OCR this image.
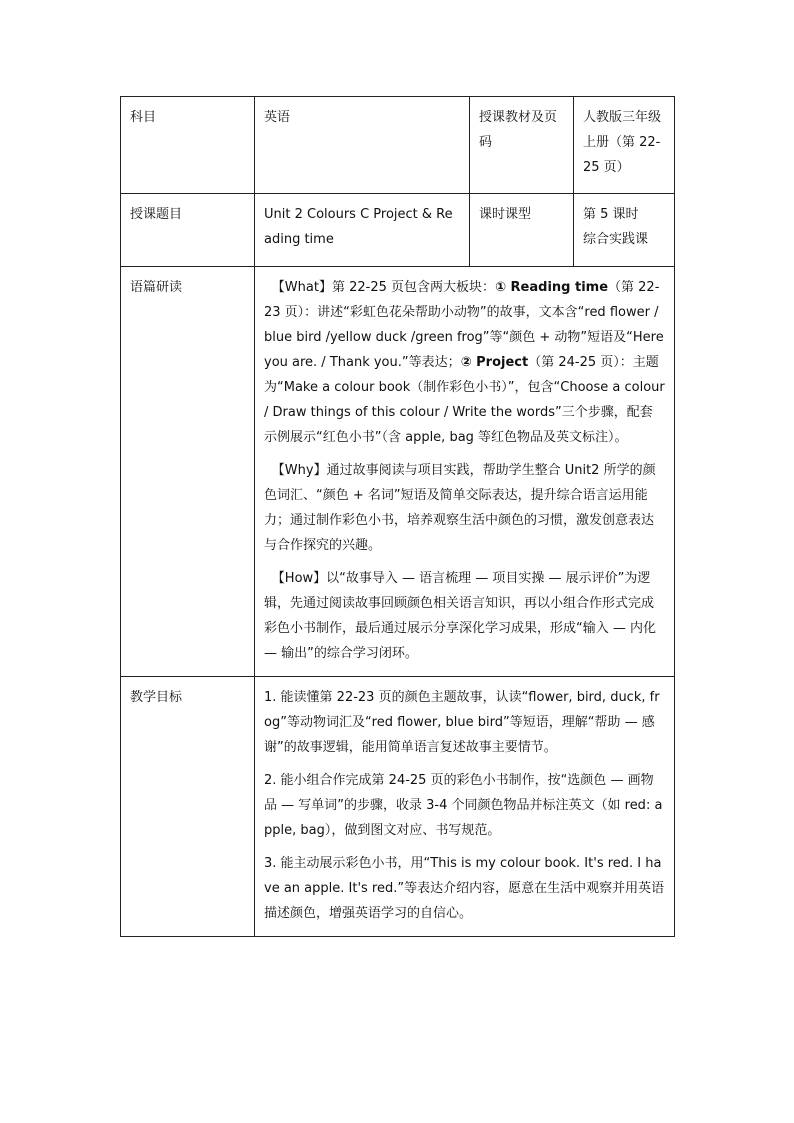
科目	英语	授课教材及页码	人教版三年级上册（第 22-25 页）
授课题目	Unit 2 Colours C Project & Reading time	课时课型	第 5 课时
综合实践课

语篇研读	【What】第 22-25 页包含两大板块：① Reading time（第 22-23 页）：讲述“彩虹色花朵帮助小动物”的故事，文本含“red flower /blue bird /yellow duck /green frog”等“颜色 + 动物”短语及“Here you are. / Thank you.”等表达；② Project（第 24-25 页）：主题为“Make a colour book（制作彩色小书）”，包含“Choose a colour / Draw things of this colour / Write the words”三个步骤，配套示例展示“红色小书”（含 apple, bag 等红色物品及英文标注）。

【Why】通过故事阅读与项目实践，帮助学生整合 Unit2 所学的颜色词汇、“颜色 + 名词”短语及简单交际表达，提升综合语言运用能力；通过制作彩色小书，培养观察生活中颜色的习惯，激发创意表达与合作探究的兴趣。

【How】以“故事导入 — 语言梳理 — 项目实操 — 展示评价”为逻辑，先通过阅读故事回顾颜色相关语言知识，再以小组合作形式完成彩色小书制作，最后通过展示分享深化学习成果，形成“输入 — 内化 — 输出”的综合学习闭环。		

教学目标	1. 能读懂第 22-23 页的颜色主题故事，认读“flower, bird, duck, frog”等动物词汇及“red flower, blue bird”等短语，理解“帮助 — 感谢”的故事逻辑，能用简单语言复述故事主要情节。

2. 能小组合作完成第 24-25 页的彩色小书制作，按“选颜色 — 画物品 — 写单词”的步骤，收录 3-4 个同颜色物品并标注英文（如 red: apple, bag），做到图文对应、书写规范。

3. 能主动展示彩色小书，用“This is my colour book. It's red. I have an apple. It's red.”等表达介绍内容，愿意在生活中观察并用英语描述颜色，增强英语学习的自信心。		
